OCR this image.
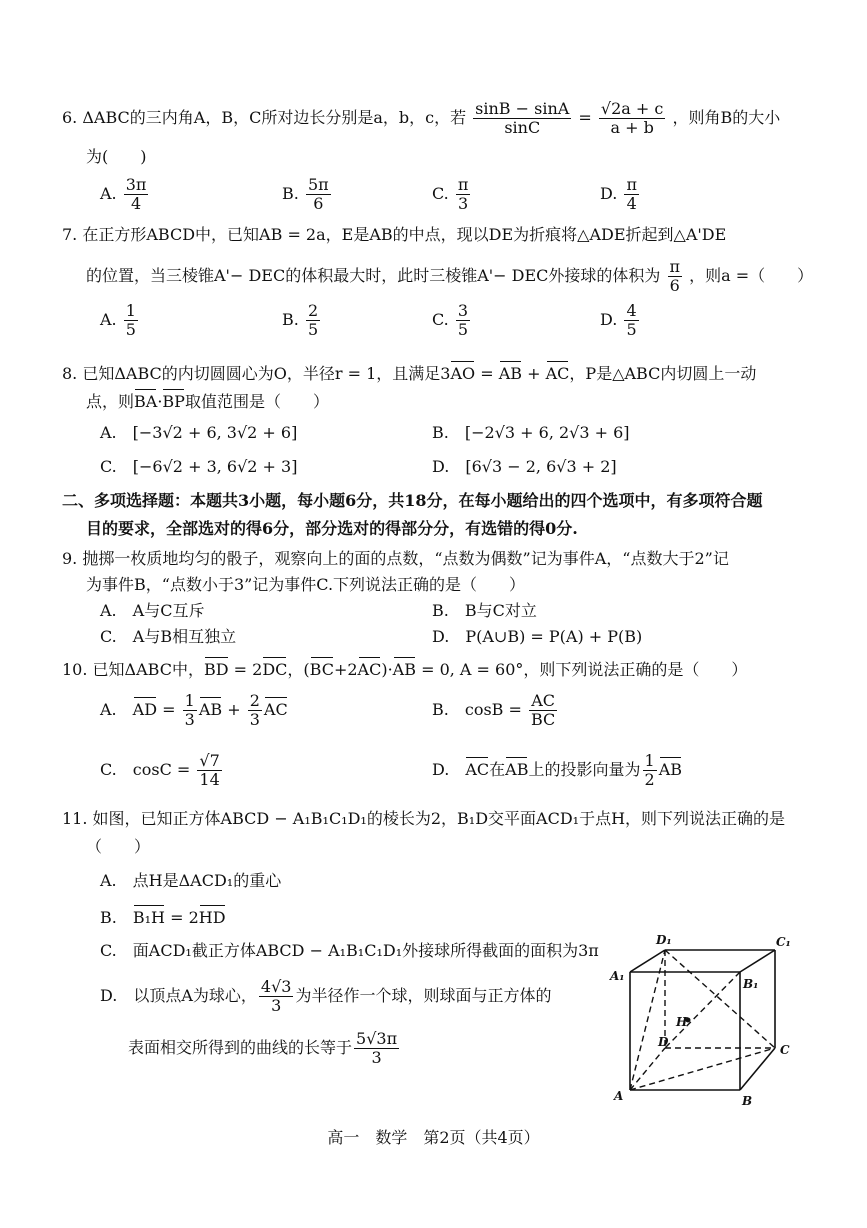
6. ΔABC的三内角A，B，C所对边长分别是a，b，c，若 $\frac{\sin B - \sin A}{\sin C} = \frac{√2a + c}{a + b}$ ，则角B的大小
为(　　)
A. $\frac{3\pi}{4}$	B. $\frac{5\pi}{6}$	C. $\frac{\pi}{3}$	D. $\frac{\pi}{4}$
7. 在正方形ABCD中，已知AB = 2a，E是AB的中点，现以DE为折痕将△ADE折起到△A'DE
的位置，当三棱锥A'− DEC的体积最大时，此时三棱锥A'− DEC外接球的体积为 $\frac{\pi}{6}$ ，则a =（　　）
A. $\frac{1}{5}$	B. $\frac{2}{5}$	C. $\frac{3}{5}$	D. $\frac{4}{5}$
8. 已知ΔABC的内切圆圆心为O，半径r = 1，且满足3AO = AB + AC，P是△ABC内切圆上一动
点，则BA·BP取值范围是（　　）
A.　 [−3√2 + 6, 3√2 + 6]	B.　 [−2√3 + 6, 2√3 + 6]
C.　 [−6√2 + 3, 6√2 + 3]	D.　 [6√3 − 2, 6√3 + 2]
二、多项选择题：本题共3小题，每小题6分，共18分，在每小题给出的四个选项中，有多项符合题
目的要求，全部选对的得6分，部分选对的得部分分，有选错的得0分.
9. 抛掷一枚质地均匀的骰子，观察向上的面的点数，“点数为偶数”记为事件A，“点数大于2”记
为事件B，“点数小于3”记为事件C.下列说法正确的是（　　）
A.　 A与C互斥	B.　 B与C对立
C.　 A与B相互独立	D.　 P(A∪B) = P(A) + P(B)
10. 已知ΔABC中，BD = 2DC，(BC+2AC)·AB = 0, A = 60°，则下列说法正确的是（　　）
A.　 AD = $\frac{1}{3}$ AB + $\frac{2}{3}$ AC	B.　 $\cos B = \frac{AC}{BC}$
C.　 $\cos C = \frac{√7}{14}$	D.　 AC在AB上的投影向量为 $\frac{1}{2}$ AB
11. 如图，已知正方体ABCD − A₁B₁C₁D₁的棱长为2，B₁D交平面ACD₁于点H，则下列说法正确的是
（　　）
A.　 点H是ΔACD₁的重心
B.　 B₁H = 2HD
C.　 面ACD₁截正方体ABCD − A₁B₁C₁D₁外接球所得截面的面积为3π
D.　 以顶点A为球心， $\frac{4√3}{3}$ 为半径作一个球，则球面与正方体的
表面相交所得到的曲线的长等于 $\frac{5√3\pi}{3}$
D₁	C₁
A₁
B₁
H
D
C
A	B
高一　数学　第2页（共4页）
